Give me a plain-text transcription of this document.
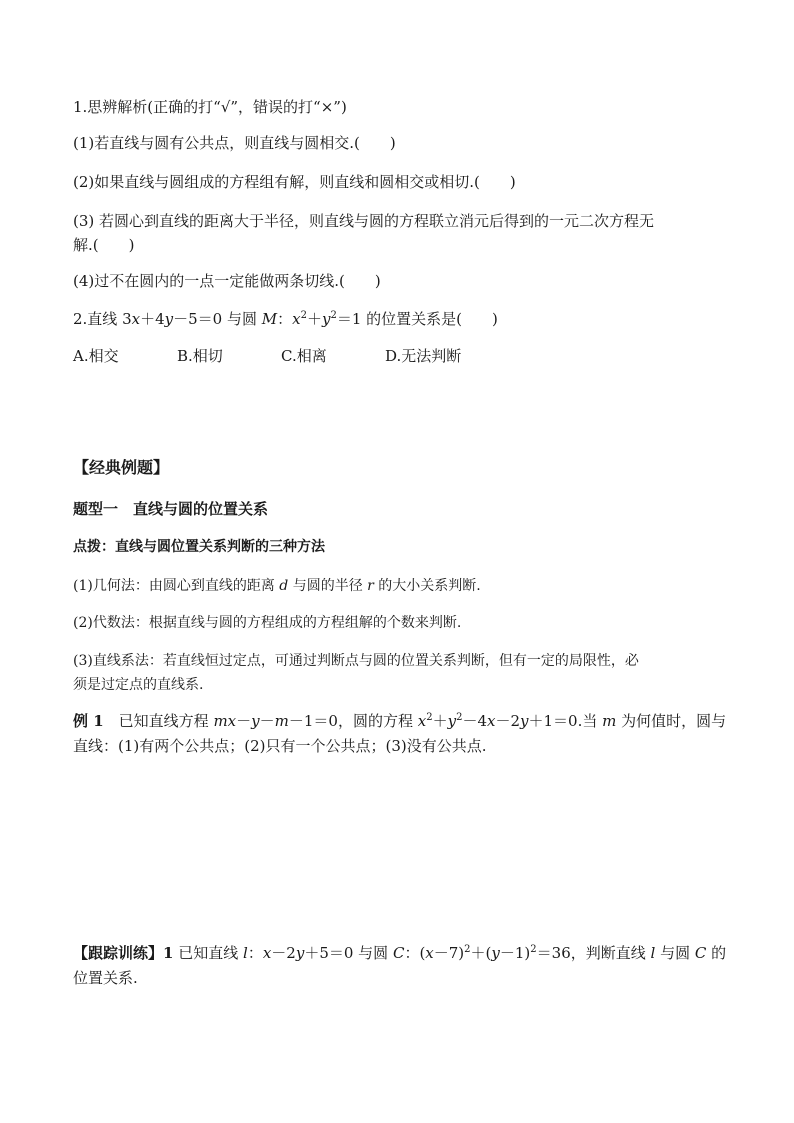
1.思辨解析(正确的打“√”，错误的打“×”)
(1)若直线与圆有公共点，则直线与圆相交.(　　)
(2)如果直线与圆组成的方程组有解，则直线和圆相交或相切.(　　)
(3) 若圆心到直线的距离大于半径，则直线与圆的方程联立消元后得到的一元二次方程无
解.(　　)
(4)过不在圆内的一点一定能做两条切线.(　　)
2.直线 3x＋4y－5＝0 与圆 M：$x^2+y^2=1$ 的位置关系是(　　)
A.相交	B.相切	C.相离	D.无法判断
【经典例题】
题型一　直线与圆的位置关系
点拨：直线与圆位置关系判断的三种方法
(1)几何法：由圆心到直线的距离 d 与圆的半径 r 的大小关系判断.
(2)代数法：根据直线与圆的方程组成的方程组解的个数来判断.
(3)直线系法：若直线恒过定点，可通过判断点与圆的位置关系判断，但有一定的局限性，必
须是过定点的直线系.
例 1　已知直线方程 mx－y－m－1＝0，圆的方程 $x^2+y^2-4x-2y+1=0$.当 m 为何值时，圆与
直线：(1)有两个公共点；(2)只有一个公共点；(3)没有公共点.
【跟踪训练】1 已知直线 l：x－2y＋5＝0 与圆 C：$(x-7)^2+(y-1)^2=36$，判断直线 l 与圆 C 的
位置关系.
